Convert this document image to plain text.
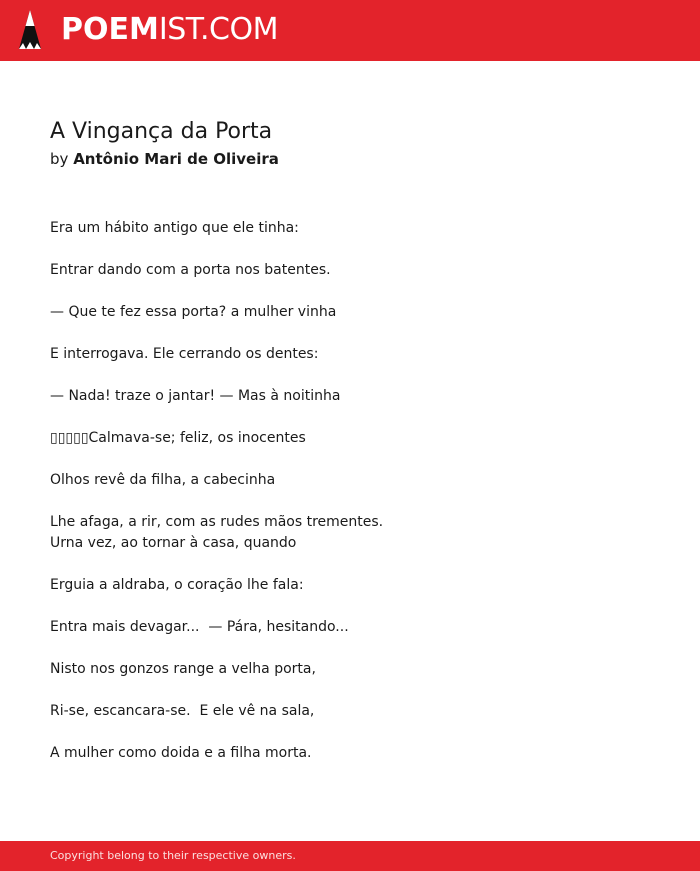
POEMIST.COM
A Vingança da Porta
by Antônio Mari de Oliveira

Era um hábito antigo que ele tinha:

Entrar dando com a porta nos batentes.

— Que te fez essa porta? a mulher vinha

E interrogava. Ele cerrando os dentes:

— Nada! traze o jantar! — Mas à noitinha

▯▯▯▯▯Calmava-se; feliz, os inocentes

Olhos revê da filha, a cabecinha

Lhe afaga, a rir, com as rudes mãos trementes.
Urna vez, ao tornar à casa, quando

Erguia a aldraba, o coração lhe fala:

Entra mais devagar...  — Pára, hesitando...

Nisto nos gonzos range a velha porta,

Ri-se, escancara-se.  E ele vê na sala,

A mulher como doida e a filha morta.

Copyright belong to their respective owners.
